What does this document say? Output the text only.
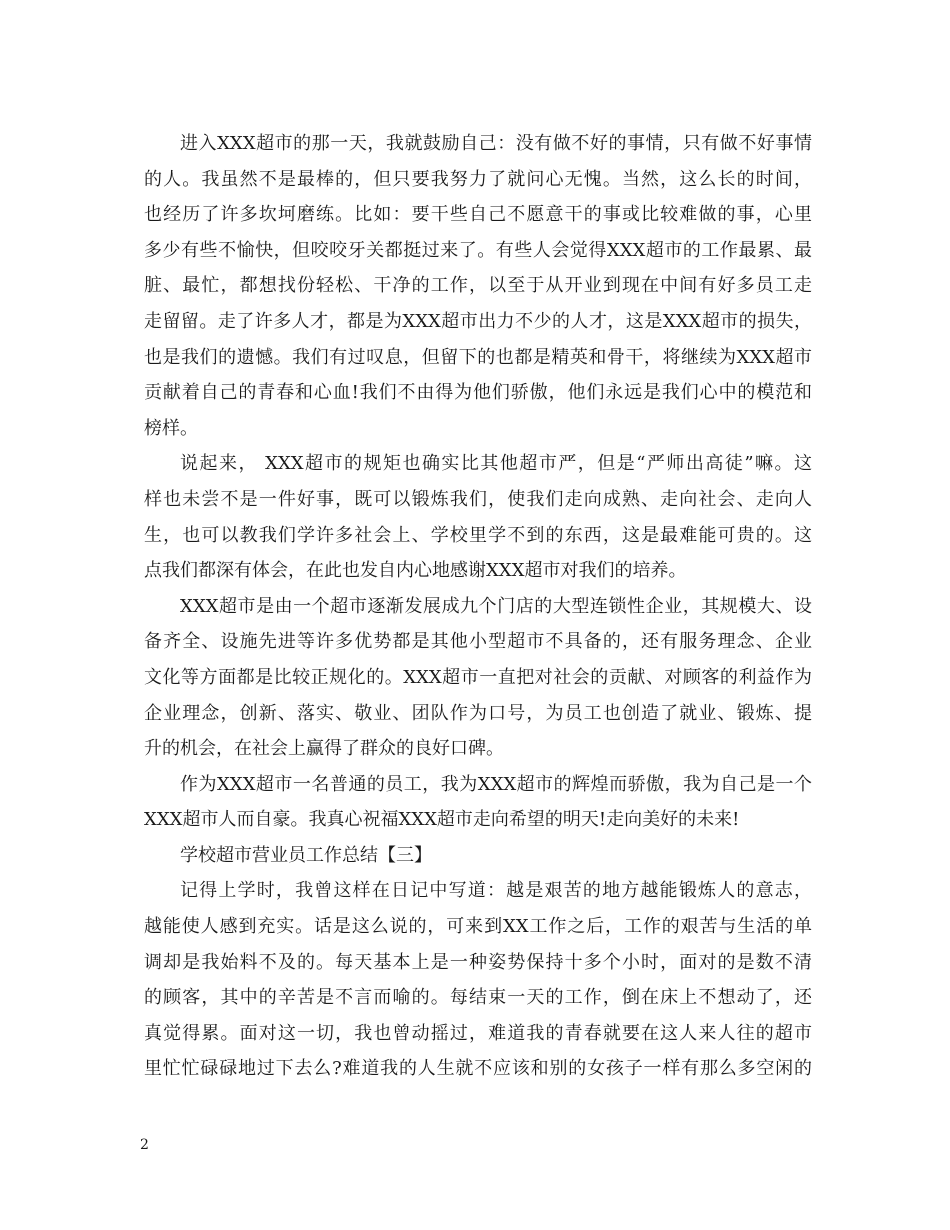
进入XXX超市的那一天，我就鼓励自己：没有做不好的事情，只有做不好事情
的人。我虽然不是最棒的，但只要我努力了就问心无愧。当然，这么长的时间，
也经历了许多坎坷磨练。比如：要干些自己不愿意干的事或比较难做的事，心里
多少有些不愉快，但咬咬牙关都挺过来了。有些人会觉得XXX超市的工作最累、最
脏、最忙，都想找份轻松、干净的工作，以至于从开业到现在中间有好多员工走
走留留。走了许多人才，都是为XXX超市出力不少的人才，这是XXX超市的损失，
也是我们的遗憾。我们有过叹息，但留下的也都是精英和骨干，将继续为XXX超市
贡献着自己的青春和心血!我们不由得为他们骄傲，他们永远是我们心中的模范和
榜样。
说起来， XXX超市的规矩也确实比其他超市严，但是“严师出高徒”嘛。这
样也未尝不是一件好事，既可以锻炼我们，使我们走向成熟、走向社会、走向人
生，也可以教我们学许多社会上、学校里学不到的东西，这是最难能可贵的。这
点我们都深有体会，在此也发自内心地感谢XXX超市对我们的培养。
XXX超市是由一个超市逐渐发展成九个门店的大型连锁性企业，其规模大、设
备齐全、设施先进等许多优势都是其他小型超市不具备的，还有服务理念、企业
文化等方面都是比较正规化的。XXX超市一直把对社会的贡献、对顾客的利益作为
企业理念，创新、落实、敬业、团队作为口号，为员工也创造了就业、锻炼、提
升的机会，在社会上赢得了群众的良好口碑。
作为XXX超市一名普通的员工，我为XXX超市的辉煌而骄傲，我为自己是一个
XXX超市人而自豪。我真心祝福XXX超市走向希望的明天!走向美好的未来!
学校超市营业员工作总结【三】
记得上学时，我曾这样在日记中写道：越是艰苦的地方越能锻炼人的意志，
越能使人感到充实。话是这么说的，可来到XX工作之后，工作的艰苦与生活的单
调却是我始料不及的。每天基本上是一种姿势保持十多个小时，面对的是数不清
的顾客，其中的辛苦是不言而喻的。每结束一天的工作，倒在床上不想动了，还
真觉得累。面对这一切，我也曾动摇过，难道我的青春就要在这人来人往的超市
里忙忙碌碌地过下去么?难道我的人生就不应该和别的女孩子一样有那么多空闲的
2
